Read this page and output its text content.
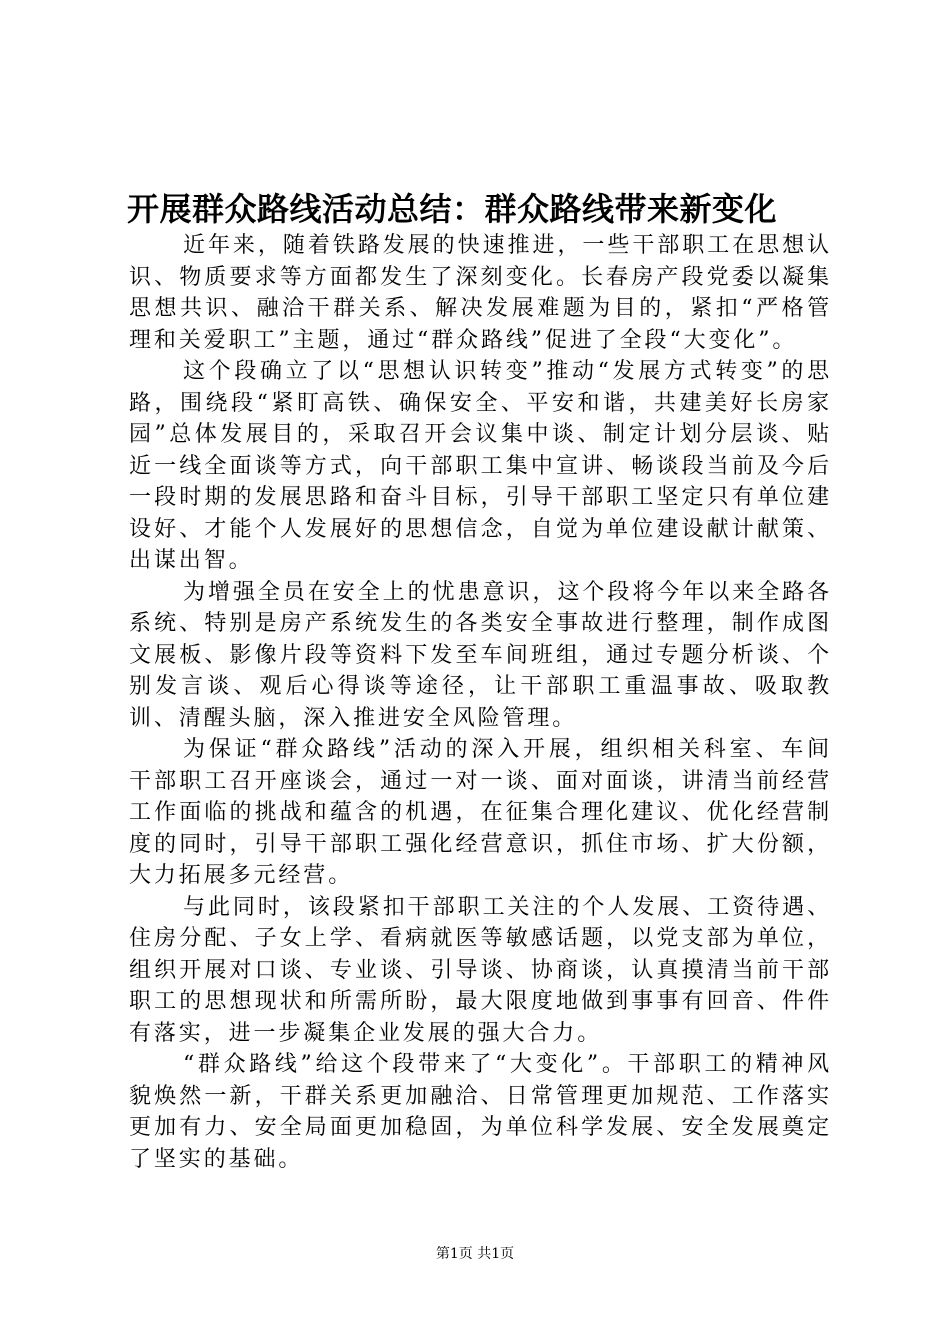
开展群众路线活动总结：群众路线带来新变化

近年来，随着铁路发展的快速推进，一些干部职工在思想认识、物质要求等方面都发生了深刻变化。长春房产段党委以凝集思想共识、融洽干群关系、解决发展难题为目的，紧扣“严格管理和关爱职工”主题，通过“群众路线”促进了全段“大变化”。

这个段确立了以“思想认识转变”推动“发展方式转变”的思路，围绕段“紧盯高铁、确保安全、平安和谐，共建美好长房家园”总体发展目的，采取召开会议集中谈、制定计划分层谈、贴近一线全面谈等方式，向干部职工集中宣讲、畅谈段当前及今后一段时期的发展思路和奋斗目标，引导干部职工坚定只有单位建设好、才能个人发展好的思想信念，自觉为单位建设献计献策、出谋出智。

为增强全员在安全上的忧患意识，这个段将今年以来全路各系统、特别是房产系统发生的各类安全事故进行整理，制作成图文展板、影像片段等资料下发至车间班组，通过专题分析谈、个别发言谈、观后心得谈等途径，让干部职工重温事故、吸取教训、清醒头脑，深入推进安全风险管理。

为保证“群众路线”活动的深入开展，组织相关科室、车间干部职工召开座谈会，通过一对一谈、面对面谈，讲清当前经营工作面临的挑战和蕴含的机遇，在征集合理化建议、优化经营制度的同时，引导干部职工强化经营意识，抓住市场、扩大份额，大力拓展多元经营。

与此同时，该段紧扣干部职工关注的个人发展、工资待遇、住房分配、子女上学、看病就医等敏感话题，以党支部为单位，组织开展对口谈、专业谈、引导谈、协商谈，认真摸清当前干部职工的思想现状和所需所盼，最大限度地做到事事有回音、件件有落实，进一步凝集企业发展的强大合力。

“群众路线”给这个段带来了“大变化”。干部职工的精神风貌焕然一新，干群关系更加融洽、日常管理更加规范、工作落实更加有力、安全局面更加稳固，为单位科学发展、安全发展奠定了坚实的基础。

第1页 共1页
